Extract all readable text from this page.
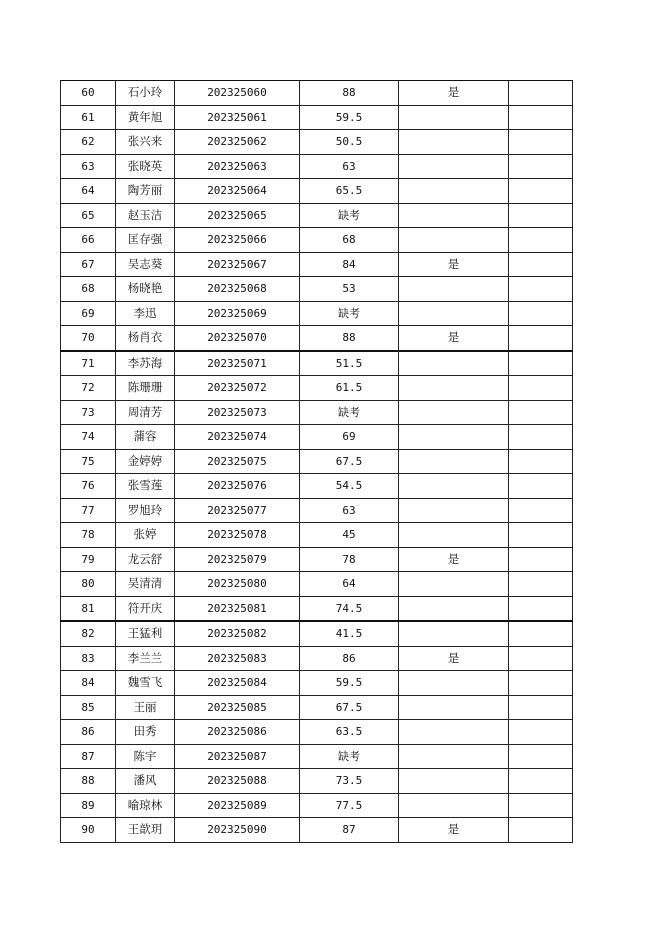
60	石小玲	202325060	88	是	
61	黄年旭	202325061	59.5		
62	张兴来	202325062	50.5		
63	张晓英	202325063	63		
64	陶芳丽	202325064	65.5		
65	赵玉洁	202325065	缺考		
66	匡存强	202325066	68		
67	吴志葵	202325067	84	是	
68	杨晓艳	202325068	53		
69	李迅	202325069	缺考		
70	杨肖衣	202325070	88	是	
71	李苏海	202325071	51.5		
72	陈珊珊	202325072	61.5		
73	周清芳	202325073	缺考		
74	蒲容	202325074	69		
75	金婷婷	202325075	67.5		
76	张雪莲	202325076	54.5		
77	罗旭玲	202325077	63		
78	张婷	202325078	45		
79	龙云舒	202325079	78	是	
80	吴清清	202325080	64		
81	符开庆	202325081	74.5		
82	王猛利	202325082	41.5		
83	李兰兰	202325083	86	是	
84	魏雪飞	202325084	59.5		
85	王丽	202325085	67.5		
86	田秀	202325086	63.5		
87	陈宇	202325087	缺考		
88	潘风	202325088	73.5		
89	喻琼林	202325089	77.5		
90	王歆玥	202325090	87	是	
